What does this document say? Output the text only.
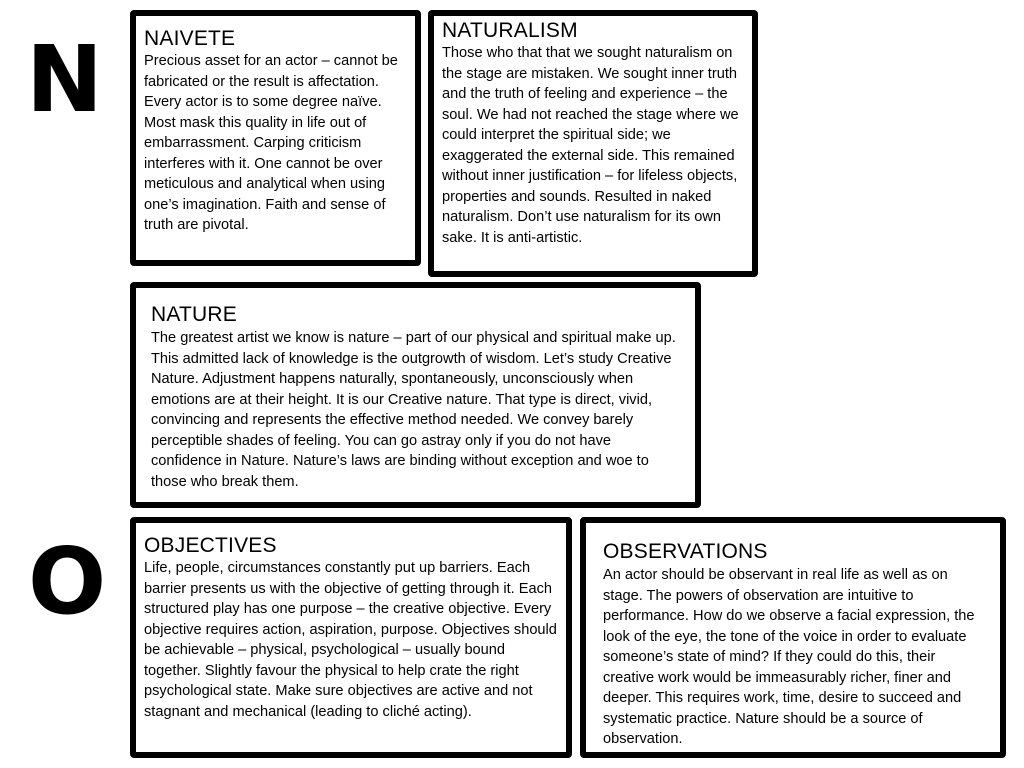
N
O
NAIVETE

Precious asset for an actor – cannot be fabricated or the result is affectation. Every actor is to some degree naïve. Most mask this quality in life out of embarrassment. Carping criticism interferes with it. One cannot be over meticulous and analytical when using one’s imagination. Faith and sense of truth are pivotal.

NATURALISM

Those who that that we sought naturalism on the stage are mistaken. We sought inner truth and the truth of feeling and experience – the soul. We had not reached the stage where we could interpret the spiritual side; we exaggerated the external side. This remained without inner justification – for lifeless objects, properties and sounds. Resulted in naked naturalism. Don’t use naturalism for its own sake. It is anti-artistic.

NATURE

The greatest artist we know is nature – part of our physical and spiritual make up. This admitted lack of knowledge is the outgrowth of wisdom. Let’s study Creative Nature. Adjustment happens naturally, spontaneously, unconsciously when emotions are at their height. It is our Creative nature. That type is direct, vivid, convincing and represents the effective method needed. We convey barely perceptible shades of feeling. You can go astray only if you do not have confidence in Nature. Nature’s laws are binding without exception and woe to those who break them.

OBJECTIVES

Life, people, circumstances constantly put up barriers. Each barrier presents us with the objective of getting through it. Each structured play has one purpose – the creative objective. Every objective requires action, aspiration, purpose. Objectives should be achievable – physical, psychological – usually bound together. Slightly favour the physical to help crate the right psychological state. Make sure objectives are active and not stagnant and mechanical (leading to cliché acting).

OBSERVATIONS

An actor should be observant in real life as well as on stage. The powers of observation are intuitive to performance. How do we observe a facial expression, the look of the eye, the tone of the voice in order to evaluate someone’s state of mind? If they could do this, their creative work would be immeasurably richer, finer and deeper. This requires work, time, desire to succeed and systematic practice. Nature should be a source of observation.
